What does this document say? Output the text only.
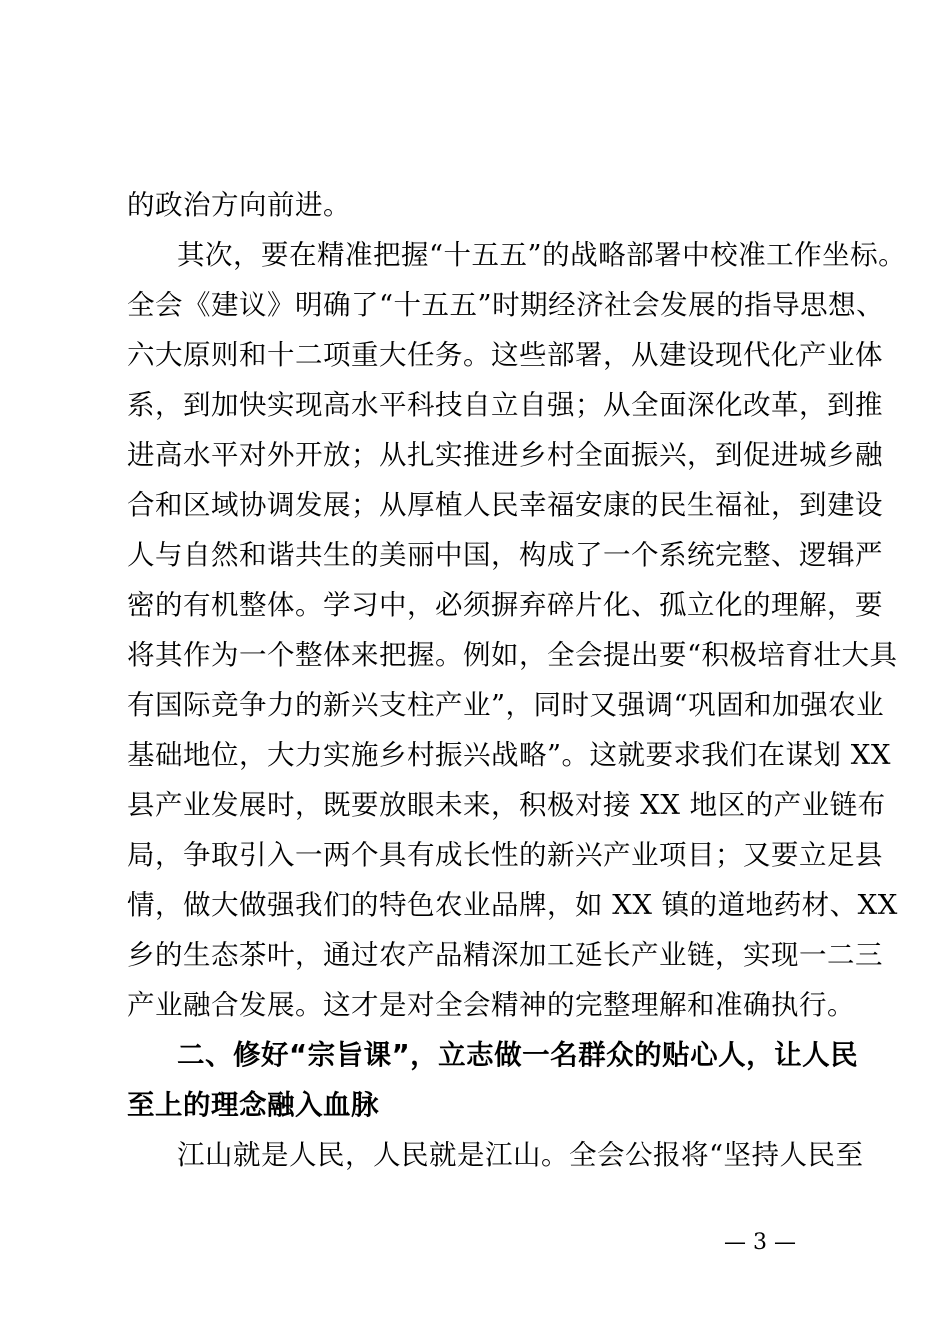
的政治方向前进。
其次，要在精准把握“十五五”的战略部署中校准工作坐标。
全会《建议》明确了“十五五”时期经济社会发展的指导思想、
六大原则和十二项重大任务。这些部署，从建设现代化产业体
系，到加快实现高水平科技自立自强；从全面深化改革，到推
进高水平对外开放；从扎实推进乡村全面振兴，到促进城乡融
合和区域协调发展；从厚植人民幸福安康的民生福祉，到建设
人与自然和谐共生的美丽中国，构成了一个系统完整、逻辑严
密的有机整体。学习中，必须摒弃碎片化、孤立化的理解，要
将其作为一个整体来把握。例如，全会提出要“积极培育壮大具
有国际竞争力的新兴支柱产业”，同时又强调“巩固和加强农业
基础地位，大力实施乡村振兴战略”。这就要求我们在谋划 XX
县产业发展时，既要放眼未来，积极对接 XX 地区的产业链布
局，争取引入一两个具有成长性的新兴产业项目；又要立足县
情，做大做强我们的特色农业品牌，如 XX 镇的道地药材、XX
乡的生态茶叶，通过农产品精深加工延长产业链，实现一二三
产业融合发展。这才是对全会精神的完整理解和准确执行。
二、修好“宗旨课”，立志做一名群众的贴心人，让人民
至上的理念融入血脉
江山就是人民，人民就是江山。全会公报将“坚持人民至
— 3 —
